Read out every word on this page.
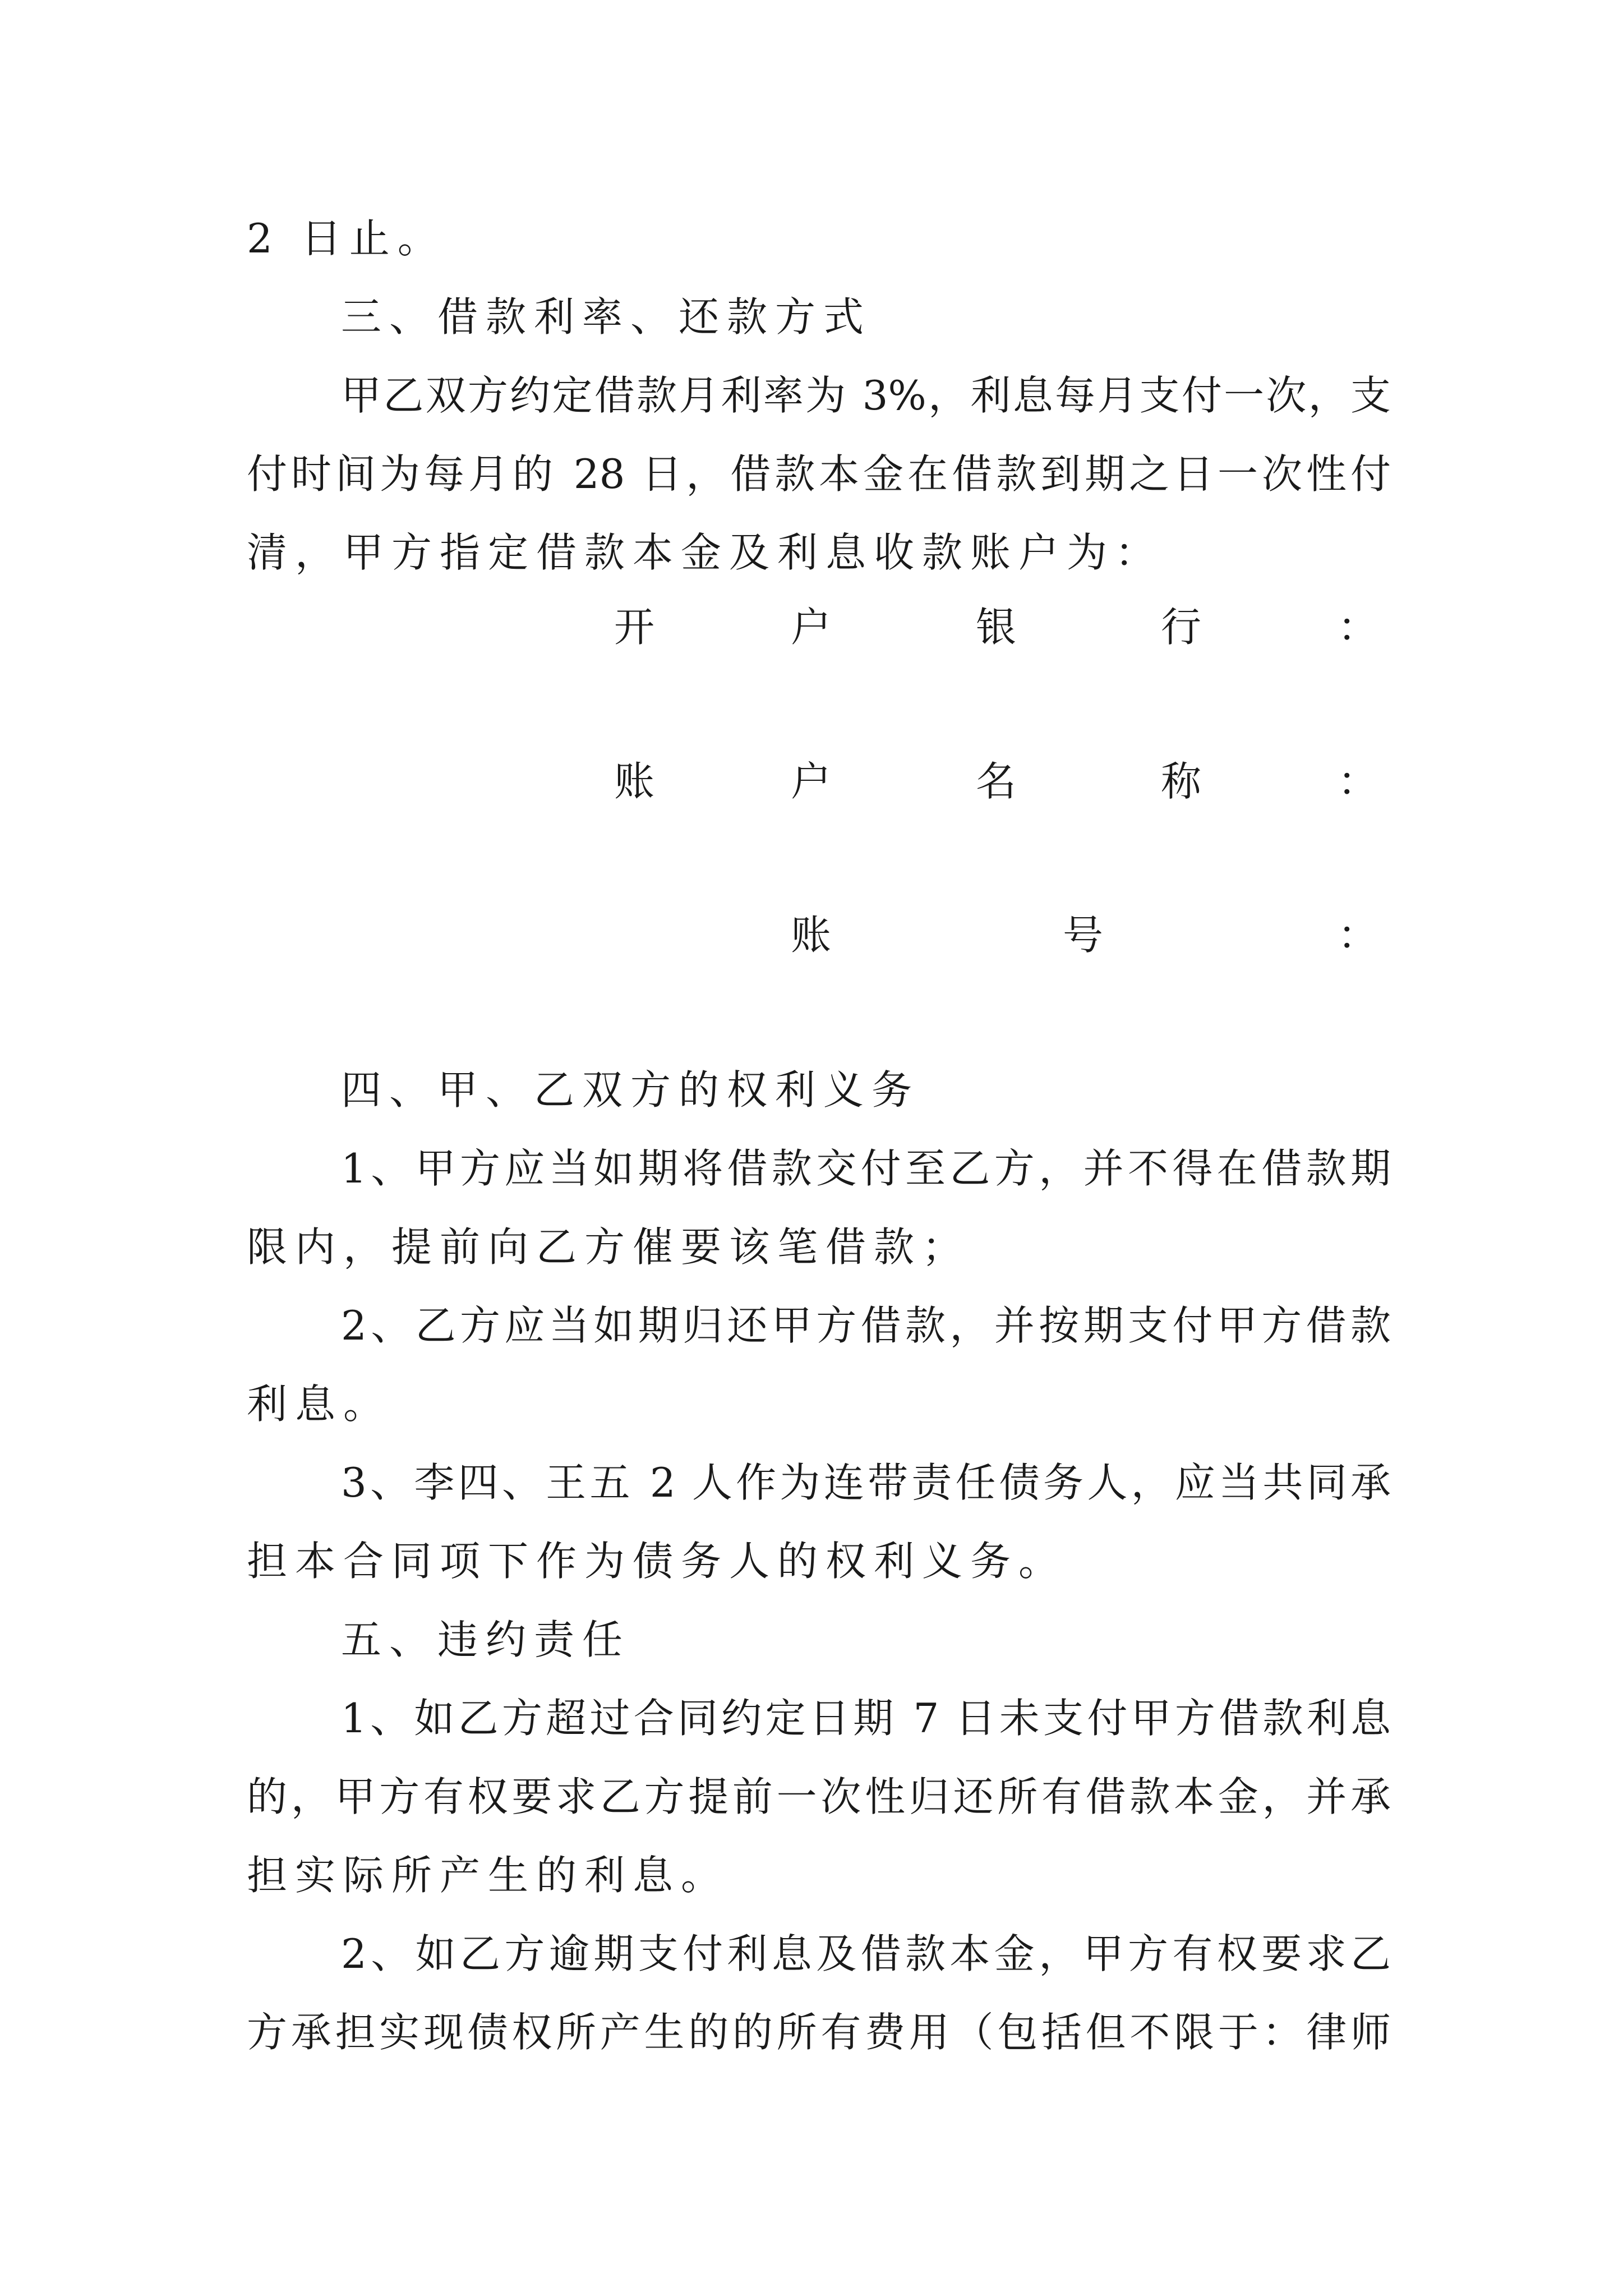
2 日止。
三、借款利率、还款方式
甲乙双方约定借款月利率为 3%，利息每月支付一次，支
付时间为每月的 28 日，借款本金在借款到期之日一次性付
清，甲方指定借款本金及利息收款账户为：
开	户	银	行	：
账	户	名	称	：
账	号	：
四、甲、乙双方的权利义务
1、甲方应当如期将借款交付至乙方，并不得在借款期
限内，提前向乙方催要该笔借款；
2、乙方应当如期归还甲方借款，并按期支付甲方借款
利息。
3、李四、王五 2 人作为连带责任债务人，应当共同承
担本合同项下作为债务人的权利义务。
五、违约责任
1、如乙方超过合同约定日期 7 日未支付甲方借款利息
的，甲方有权要求乙方提前一次性归还所有借款本金，并承
担实际所产生的利息。
2、如乙方逾期支付利息及借款本金，甲方有权要求乙
方承担实现债权所产生的的所有费用（包括但不限于：律师
